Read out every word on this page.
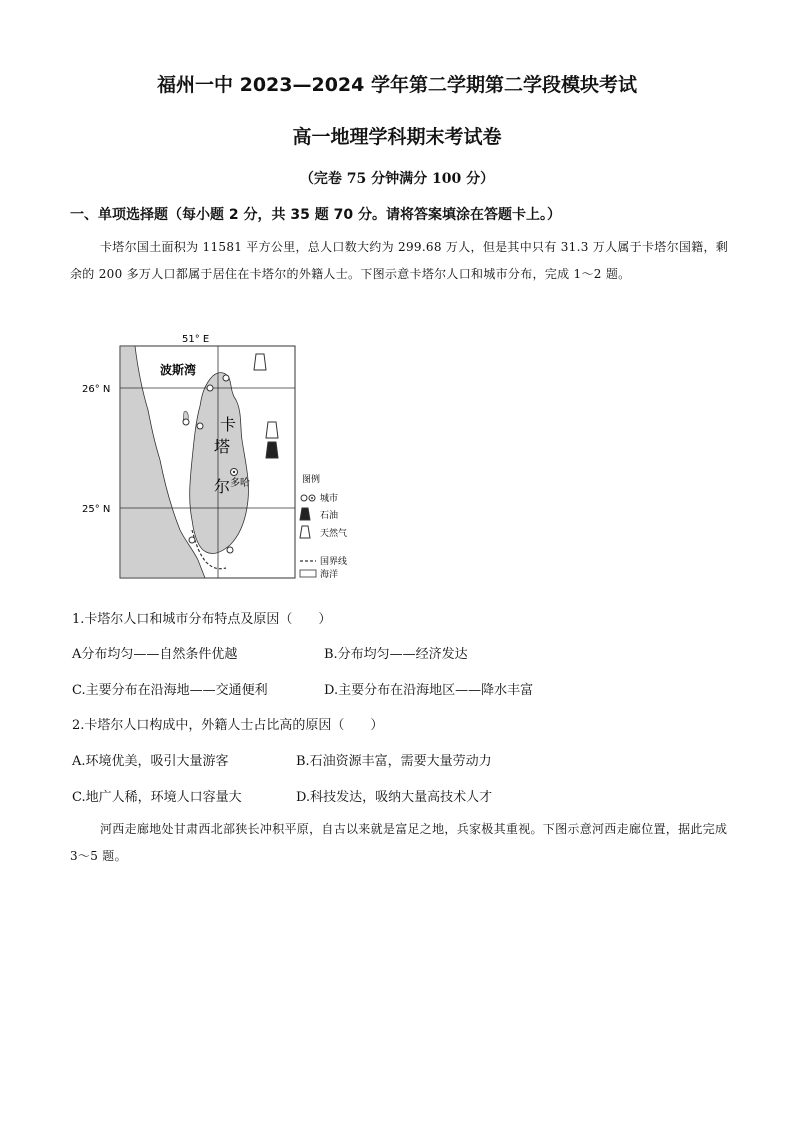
福州一中 2023—2024 学年第二学期第二学段模块考试
高一地理学科期末考试卷
（完卷 75 分钟满分 100 分）
一、单项选择题（每小题 2 分，共 35 题 70 分。请将答案填涂在答题卡上。）
卡塔尔国土面积为 11581 平方公里，总人口数大约为 299.68 万人，但是其中只有 31.3 万人属于卡塔尔国籍，剩余的 200 多万人口都属于居住在卡塔尔的外籍人士。下图示意卡塔尔人口和城市分布，完成 1～2 题。
51° E
26° N
25° N
波斯湾
卡
塔
尔 多哈	图例
城市
石油
天然气
国界线
海洋
1.卡塔尔人口和城市分布特点及原因（　　）
A分布均匀——自然条件优越	B.分布均匀——经济发达
C.主要分布在沿海地——交通便利	D.主要分布在沿海地区——降水丰富
2.卡塔尔人口构成中，外籍人士占比高的原因（　　）
A.环境优美，吸引大量游客	B.石油资源丰富，需要大量劳动力
C.地广人稀，环境人口容量大	D.科技发达，吸纳大量高技术人才
河西走廊地处甘肃西北部狭长冲积平原，自古以来就是富足之地，兵家极其重视。下图示意河西走廊位置，据此完成 3～5 题。
